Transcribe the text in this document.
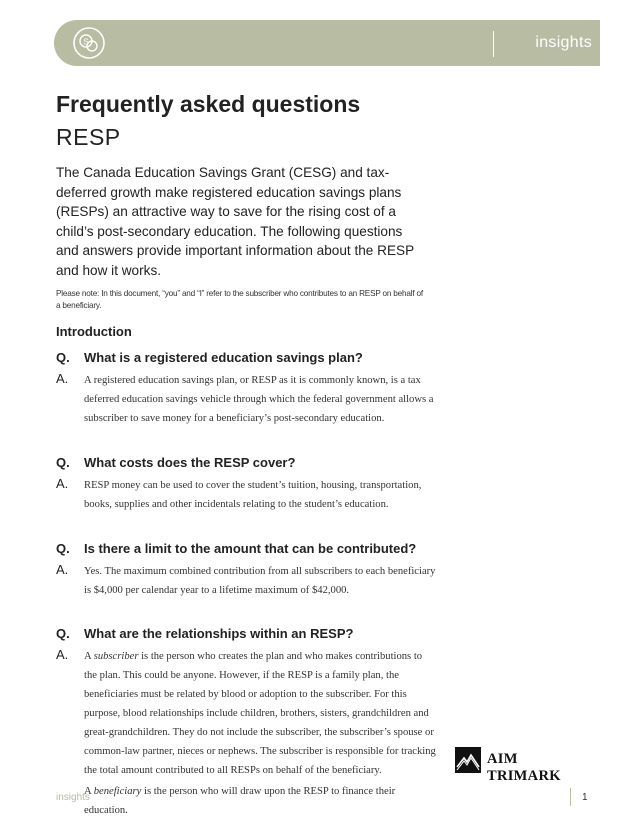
S	insights
Frequently asked questions
RESP

The Canada Education Savings Grant (CESG) and tax-deferred growth make registered education savings plans (RESPs) an attractive way to save for the rising cost of a child’s post-secondary education. The following questions and answers provide important information about the RESP and how it works.

Please note: In this document, “you” and “I” refer to the subscriber who contributes to an RESP on behalf of a beneficiary.

Introduction
Q.	What is a registered education savings plan?
A.	A registered education savings plan, or RESP as it is commonly known, is a tax deferred education savings vehicle through which the federal government allows a subscriber to save money for a beneficiary’s post-secondary education.
Q.	What costs does the RESP cover?
A.	RESP money can be used to cover the student’s tuition, housing, transportation, books, supplies and other incidentals relating to the student’s education.
Q.	Is there a limit to the amount that can be contributed?
A.	Yes. The maximum combined contribution from all subscribers to each beneficiary is $4,000 per calendar year to a lifetime maximum of $42,000.
Q.	What are the relationships within an RESP?
A.	A subscriber is the person who creates the plan and who makes contributions to the plan. This could be anyone. However, if the RESP is a family plan, the beneficiaries must be related by blood or adoption to the subscriber. For this purpose, blood relationships include children, brothers, sisters, grandchildren and great-grandchildren. They do not include the subscriber, the subscriber’s spouse or common-law partner, nieces or nephews. The subscriber is responsible for tracking the total amount contributed to all RESPs on behalf of the beneficiary.

A beneficiary is the person who will draw upon the RESP to finance their education.

AIM TRIMARK
insights	1
